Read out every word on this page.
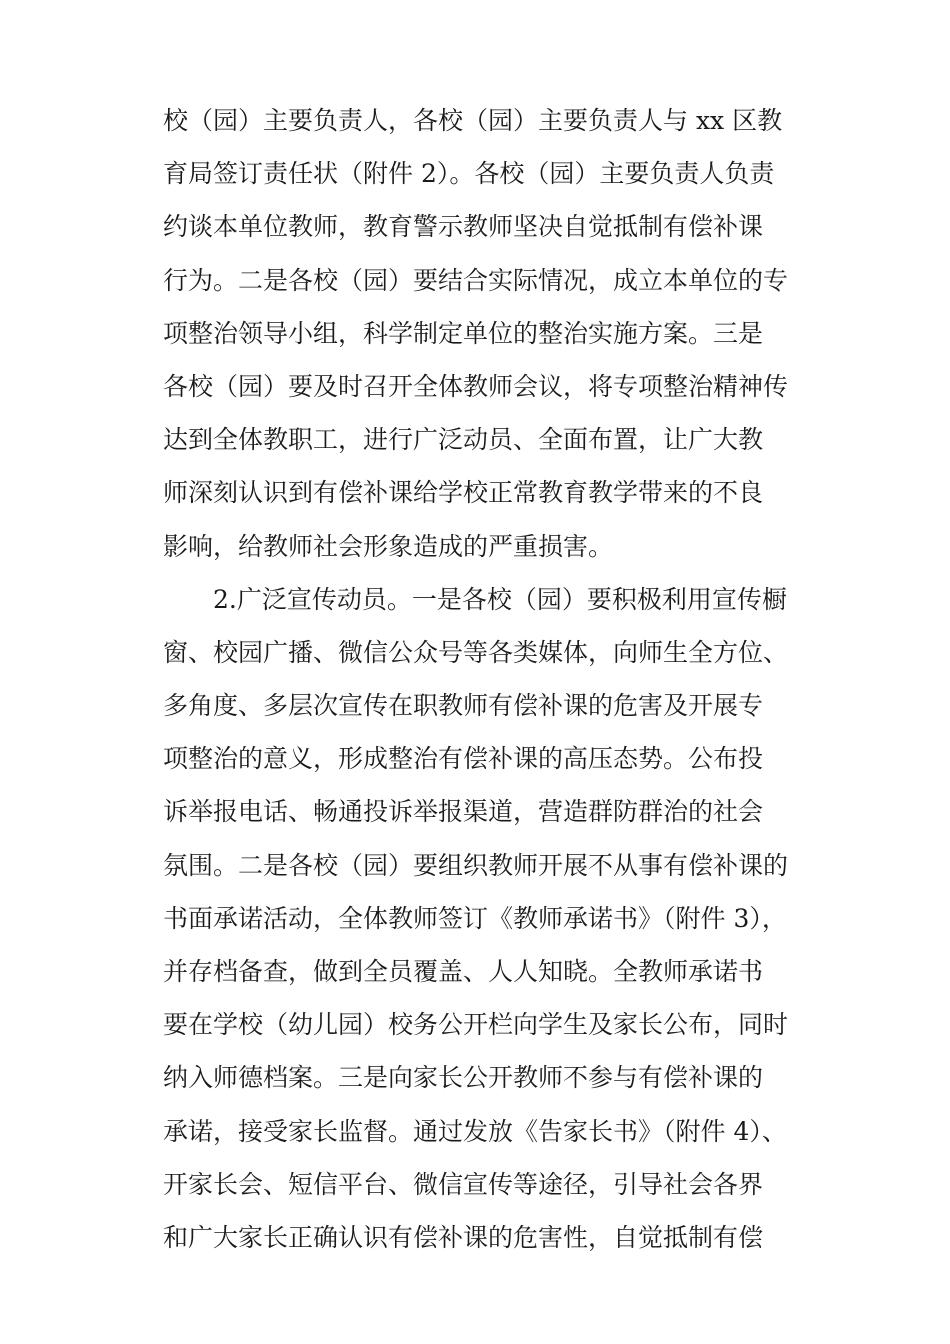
校（园）主要负责人，各校（园）主要负责人与 xx 区教
育局签订责任状（附件 2）。各校（园）主要负责人负责
约谈本单位教师，教育警示教师坚决自觉抵制有偿补课
行为。二是各校（园）要结合实际情况，成立本单位的专
项整治领导小组，科学制定单位的整治实施方案。三是
各校（园）要及时召开全体教师会议，将专项整治精神传
达到全体教职工，进行广泛动员、全面布置，让广大教
师深刻认识到有偿补课给学校正常教育教学带来的不良
影响，给教师社会形象造成的严重损害。
2.广泛宣传动员。一是各校（园）要积极利用宣传橱
窗、校园广播、微信公众号等各类媒体，向师生全方位、
多角度、多层次宣传在职教师有偿补课的危害及开展专
项整治的意义，形成整治有偿补课的高压态势。公布投
诉举报电话、畅通投诉举报渠道，营造群防群治的社会
氛围。二是各校（园）要组织教师开展不从事有偿补课的
书面承诺活动，全体教师签订《教师承诺书》（附件 3），
并存档备查，做到全员覆盖、人人知晓。全教师承诺书
要在学校（幼儿园）校务公开栏向学生及家长公布，同时
纳入师德档案。三是向家长公开教师不参与有偿补课的
承诺，接受家长监督。通过发放《告家长书》（附件 4）、
开家长会、短信平台、微信宣传等途径，引导社会各界
和广大家长正确认识有偿补课的危害性，自觉抵制有偿
